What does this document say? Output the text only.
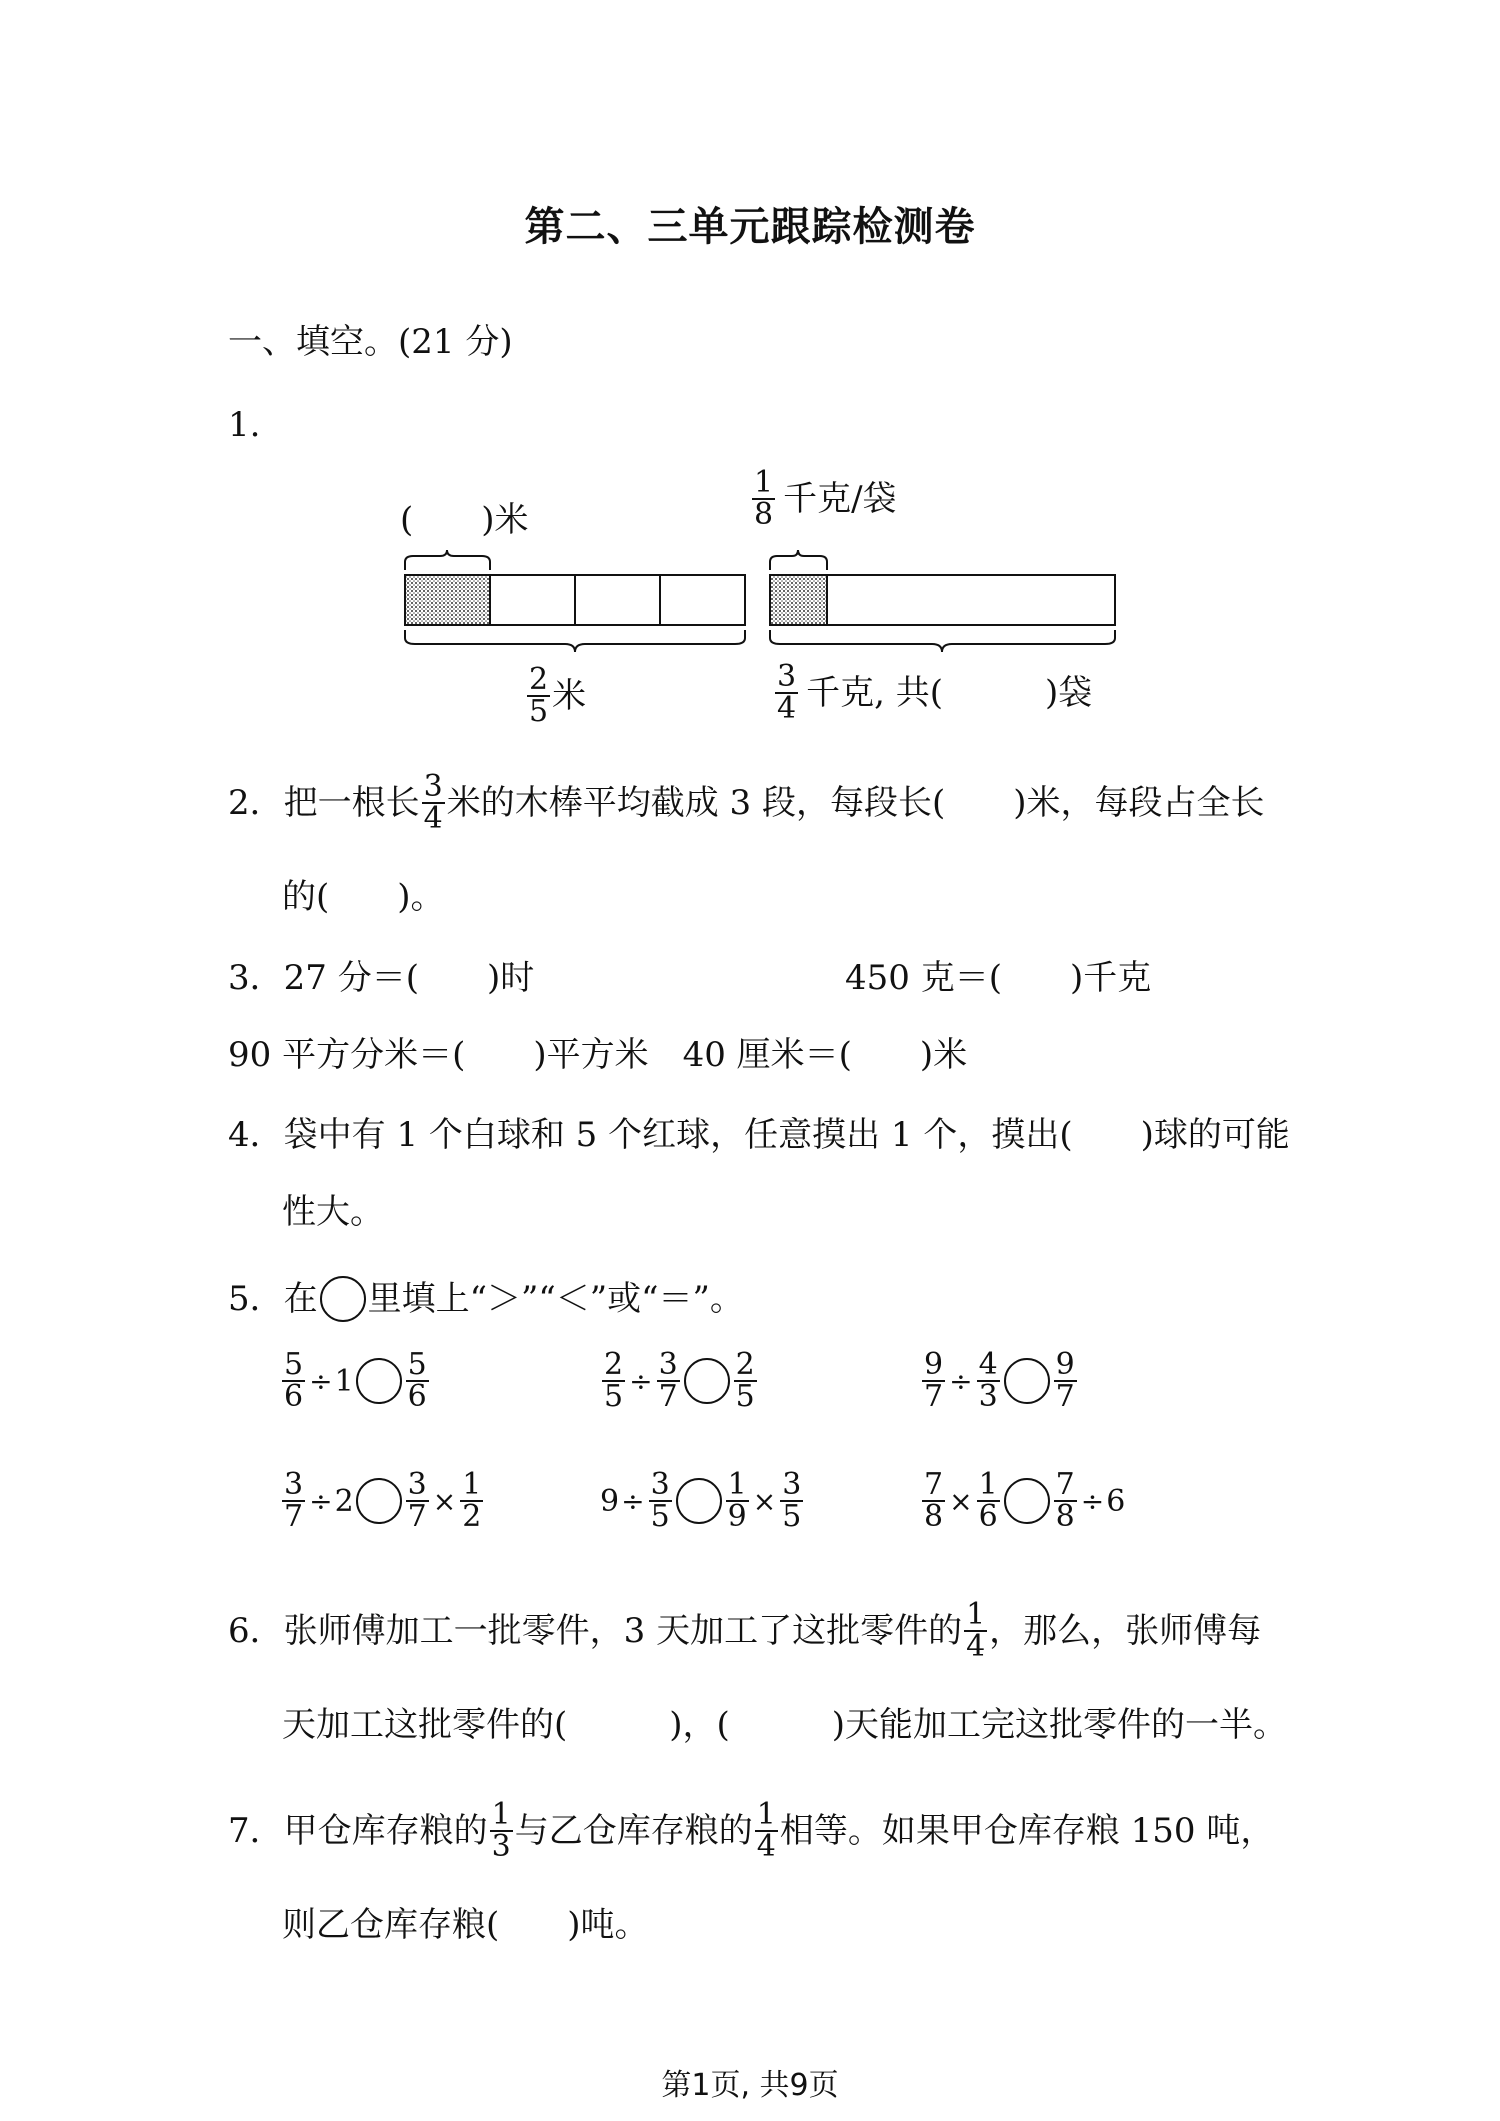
第二、三单元跟踪检测卷
一、填空。(21 分)
1.
(　　)米
$\frac{2}{5}$ 米
$\frac{1}{8}$ 千克/袋
$\frac{3}{4}$ 千克, 共(　　　)袋
2．把一根长 $\frac{3}{4}$ 米的木棒平均截成 3 段，每段长(　　)米，每段占全长
的(　　)。
3．27 分＝(　　)时	450 克＝(　　)千克
90 平方分米＝(　　)平方米　40 厘米＝(　　)米
4．袋中有 1 个白球和 5 个红球，任意摸出 1 个，摸出(　　)球的可能
性大。
5．在 里填上“＞”“＜”或“＝”。
$\frac{5}{6} \div 1 \frac{5}{6}$	$\frac{2}{5} \div \frac{3}{7} \frac{2}{5}$	$\frac{9}{7} \div \frac{4}{3} \frac{9}{7}$
$\frac{3}{7} \div 2 \frac{3}{7} \times \frac{1}{2}$	$9 \div \frac{3}{5} \frac{1}{9} \times \frac{3}{5}$	$\frac{7}{8} \times \frac{1}{6} \frac{7}{8} \div 6$
6．张师傅加工一批零件，3 天加工了这批零件的 $\frac{1}{4}$ ，那么，张师傅每
天加工这批零件的(　　　)，(　　　)天能加工完这批零件的一半。
7．甲仓库存粮的 $\frac{1}{3}$ 与乙仓库存粮的 $\frac{1}{4}$ 相等。如果甲仓库存粮 150 吨，
则乙仓库存粮(　　)吨。
第1页, 共9页
